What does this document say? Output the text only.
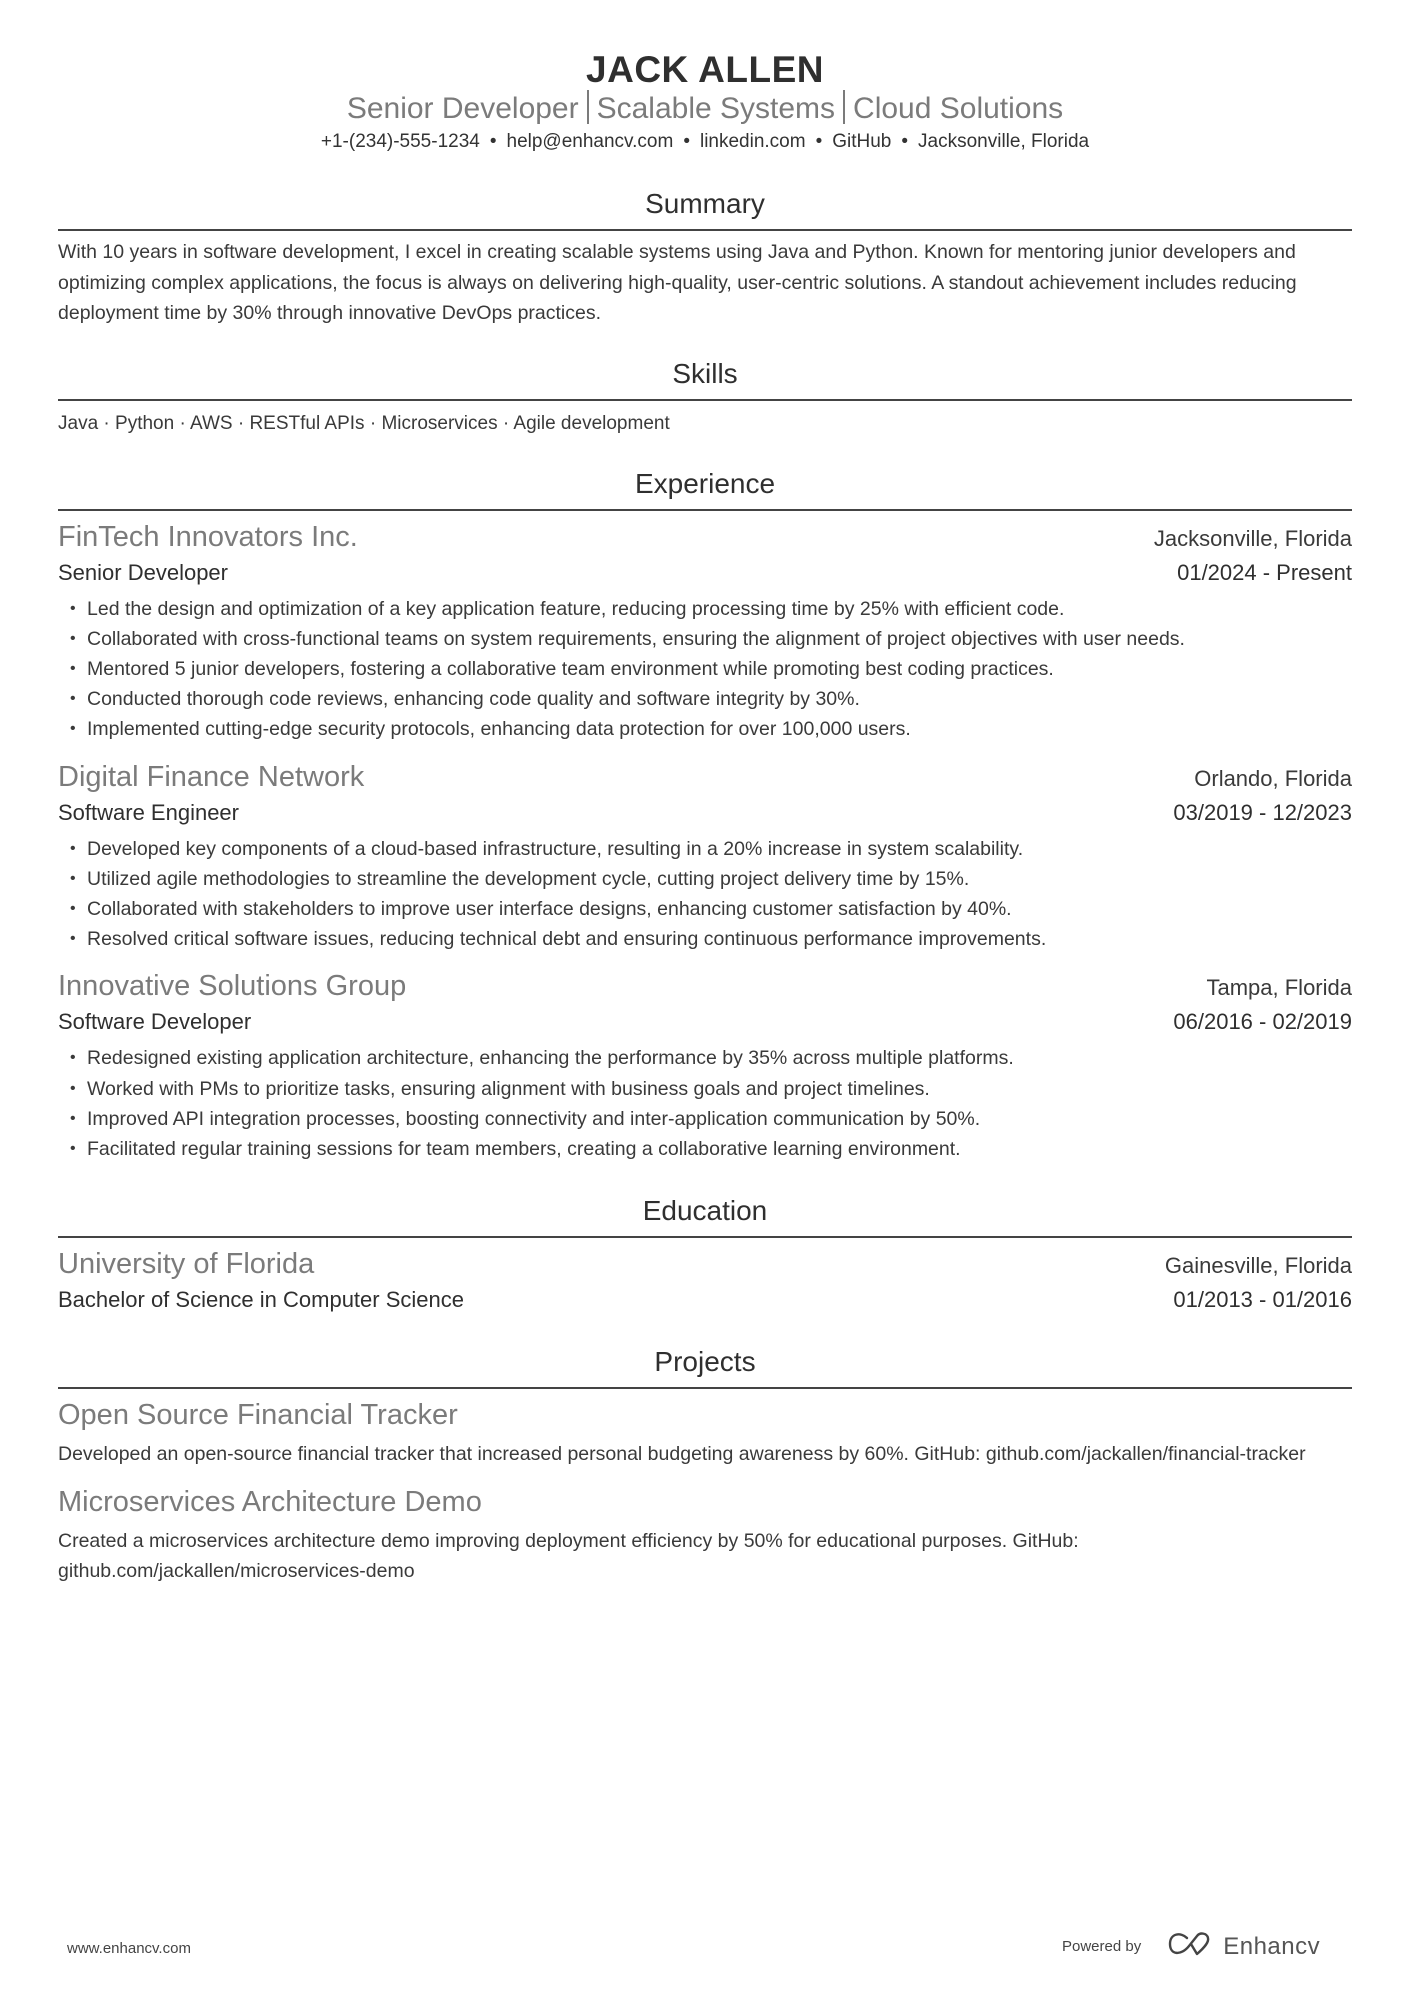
JACK ALLEN
Senior Developer Scalable Systems Cloud Solutions
+1-(234)-555-1234 • help@enhancv.com • linkedin.com • GitHub • Jacksonville, Florida
Summary
With 10 years in software development, I excel in creating scalable systems using Java and Python. Known for mentoring junior developers and optimizing complex applications, the focus is always on delivering high-quality, user-centric solutions. A standout achievement includes reducing deployment time by 30% through innovative DevOps practices.
Skills
Java · Python · AWS · RESTful APIs · Microservices · Agile development
Experience
FinTech Innovators Inc.	Jacksonville, Florida
Senior Developer	01/2024 - Present
• Led the design and optimization of a key application feature, reducing processing time by 25% with efficient code.
• Collaborated with cross-functional teams on system requirements, ensuring the alignment of project objectives with user needs.
• Mentored 5 junior developers, fostering a collaborative team environment while promoting best coding practices.
• Conducted thorough code reviews, enhancing code quality and software integrity by 30%.
• Implemented cutting-edge security protocols, enhancing data protection for over 100,000 users.
Digital Finance Network	Orlando, Florida
Software Engineer	03/2019 - 12/2023
• Developed key components of a cloud-based infrastructure, resulting in a 20% increase in system scalability.
• Utilized agile methodologies to streamline the development cycle, cutting project delivery time by 15%.
• Collaborated with stakeholders to improve user interface designs, enhancing customer satisfaction by 40%.
• Resolved critical software issues, reducing technical debt and ensuring continuous performance improvements.
Innovative Solutions Group	Tampa, Florida
Software Developer	06/2016 - 02/2019
• Redesigned existing application architecture, enhancing the performance by 35% across multiple platforms.
• Worked with PMs to prioritize tasks, ensuring alignment with business goals and project timelines.
• Improved API integration processes, boosting connectivity and inter-application communication by 50%.
• Facilitated regular training sessions for team members, creating a collaborative learning environment.
Education
University of Florida	Gainesville, Florida
Bachelor of Science in Computer Science	01/2013 - 01/2016
Projects
Open Source Financial Tracker
Developed an open-source financial tracker that increased personal budgeting awareness by 60%. GitHub: github.com/jackallen/financial-tracker
Microservices Architecture Demo
Created a microservices architecture demo improving deployment efficiency by 50% for educational purposes. GitHub: github.com/jackallen/microservices-demo
www.enhancv.com	Powered by	Enhancv
